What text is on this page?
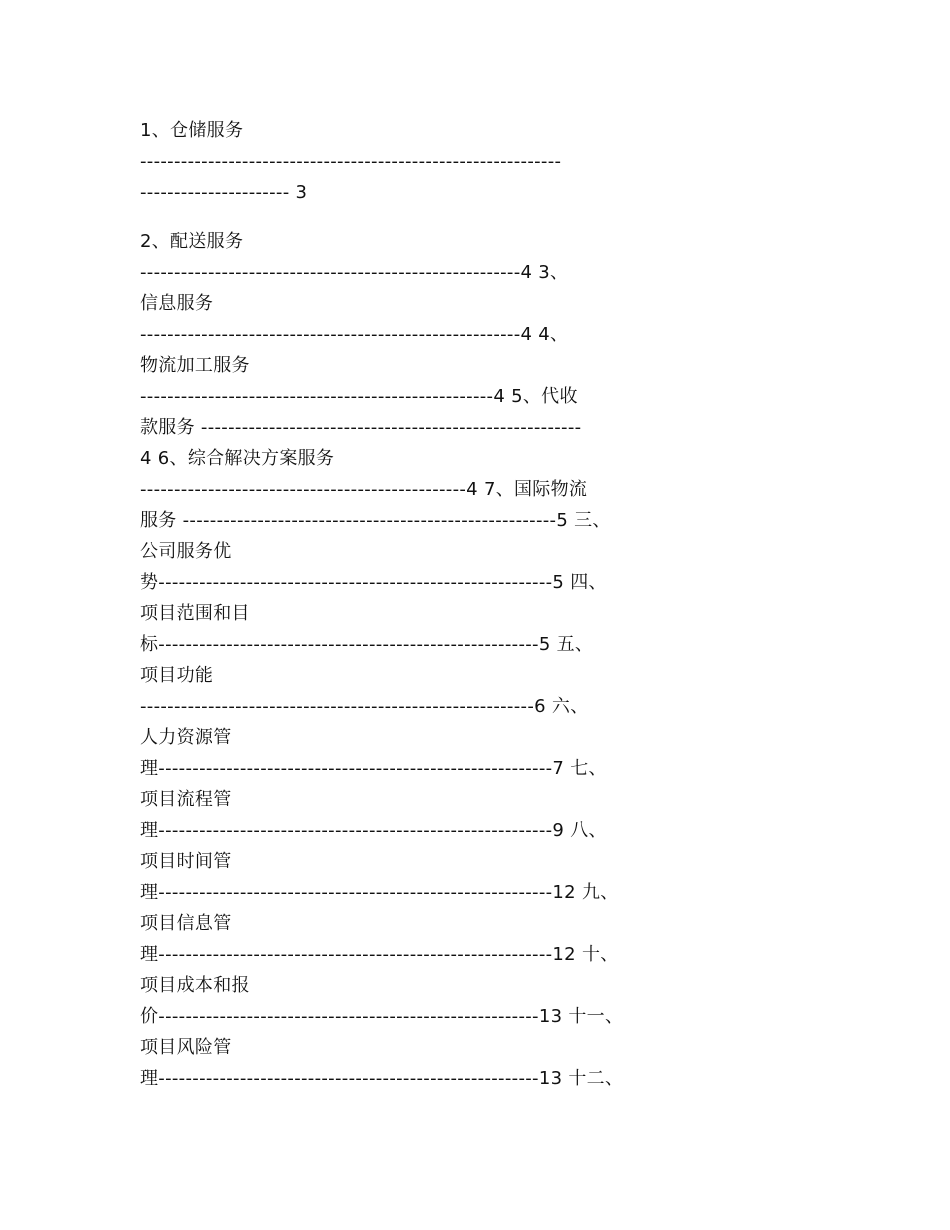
1、仓储服务
--------------------------------------------------------------
---------------------- 3
2、配送服务
--------------------------------------------------------4 3、
信息服务
--------------------------------------------------------4 4、
物流加工服务
----------------------------------------------------4 5、代收
款服务 --------------------------------------------------------
4 6、综合解决方案服务
------------------------------------------------4 7、国际物流
服务 -------------------------------------------------------5 三、
公司服务优
势----------------------------------------------------------5 四、
项目范围和目
标--------------------------------------------------------5 五、
项目功能
----------------------------------------------------------6 六、
人力资源管
理----------------------------------------------------------7 七、
项目流程管
理----------------------------------------------------------9 八、
项目时间管
理----------------------------------------------------------12 九、
项目信息管
理----------------------------------------------------------12 十、
项目成本和报
价--------------------------------------------------------13 十一、
项目风险管
理--------------------------------------------------------13 十二、
